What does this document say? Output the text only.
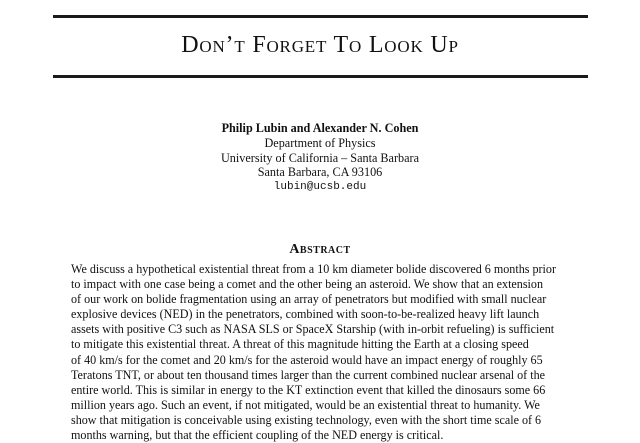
Don’t Forget To Look Up
Philip Lubin and Alexander N. Cohen
Department of Physics
University of California – Santa Barbara
Santa Barbara, CA 93106
lubin@ucsb.edu
Abstract

We discuss a hypothetical existential threat from a 10 km diameter bolide discovered 6 months prior
to impact with one case being a comet and the other being an asteroid. We show that an extension
of our work on bolide fragmentation using an array of penetrators but modified with small nuclear
explosive devices (NED) in the penetrators, combined with soon-to-be-realized heavy lift launch
assets with positive C3 such as NASA SLS or SpaceX Starship (with in-orbit refueling) is sufficient
to mitigate this existential threat. A threat of this magnitude hitting the Earth at a closing speed
of 40 km/s for the comet and 20 km/s for the asteroid would have an impact energy of roughly 65
Teratons TNT, or about ten thousand times larger than the current combined nuclear arsenal of the
entire world. This is similar in energy to the KT extinction event that killed the dinosaurs some 66
million years ago. Such an event, if not mitigated, would be an existential threat to humanity. We
show that mitigation is conceivable using existing technology, even with the short time scale of 6
months warning, but that the efficient coupling of the NED energy is critical.
